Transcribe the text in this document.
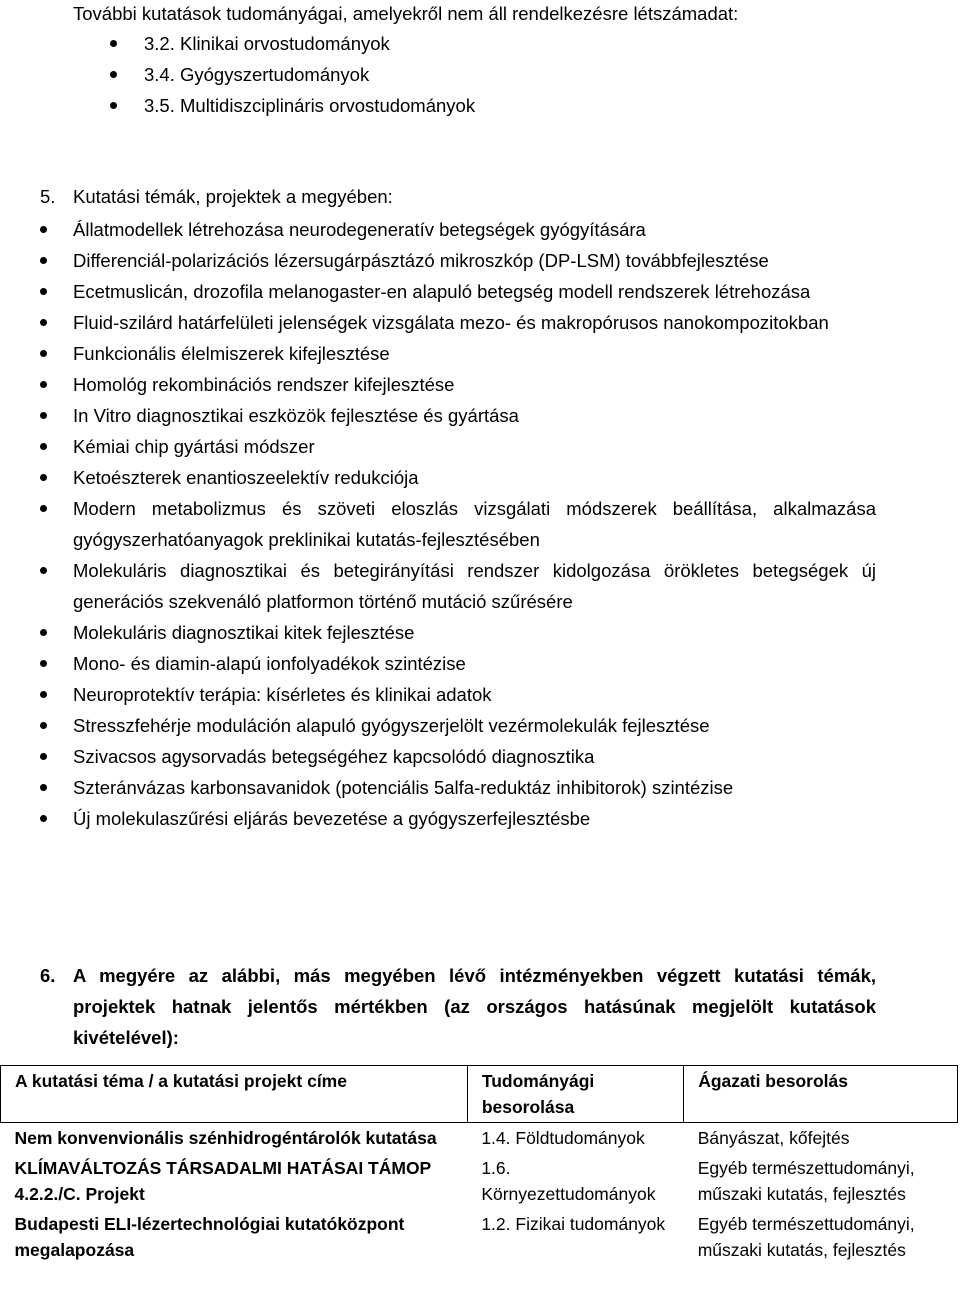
További kutatások tudományágai, amelyekről nem áll rendelkezésre létszámadat:
3.2. Klinikai orvostudományok
3.4. Gyógyszertudományok
3.5. Multidiszciplináris orvostudományok
5. Kutatási témák, projektek a megyében:
Állatmodellek létrehozása neurodegeneratív betegségek gyógyítására
Differenciál-polarizációs lézersugárpásztázó mikroszkóp (DP-LSM) továbbfejlesztése
Ecetmuslicán, drozofila melanogaster-en alapuló betegség modell rendszerek létrehozása
Fluid-szilárd határfelületi jelenségek vizsgálata mezo- és makropórusos nanokompozitokban
Funkcionális élelmiszerek kifejlesztése
Homológ rekombinációs rendszer kifejlesztése
In Vitro diagnosztikai eszközök fejlesztése és gyártása
Kémiai chip gyártási módszer
Ketoészterek enantioszeelektív redukciója
Modern metabolizmus és szöveti eloszlás vizsgálati módszerek beállítása, alkalmazása gyógyszerhatóanyagok preklinikai kutatás-fejlesztésében
Molekuláris diagnosztikai és betegirányítási rendszer kidolgozása örökletes betegségek új generációs szekvenáló platformon történő mutáció szűrésére
Molekuláris diagnosztikai kitek fejlesztése
Mono- és diamin-alapú ionfolyadékok szintézise
Neuroprotektív terápia: kísérletes és klinikai adatok
Stresszfehérje moduláción alapuló gyógyszerjelölt vezérmolekulák fejlesztése
Szivacsos agysorvadás betegségéhez kapcsolódó diagnosztika
Szteránvázas karbonsavanidok (potenciális 5alfa-reduktáz inhibitorok) szintézise
Új molekulaszűrési eljárás bevezetése a gyógyszerfejlesztésbe
6. A megyére az alábbi, más megyében lévő intézményekben végzett kutatási témák, projektek hatnak jelentős mértékben (az országos hatásúnak megjelölt kutatások kivételével):
A kutatási téma / a kutatási projekt címe	Tudományági besorolása	Ágazati besorolás
Nem konvenvionális szénhidrogéntárolók kutatása	1.4. Földtudományok	Bányászat, kőfejtés
KLÍMAVÁLTOZÁS TÁRSADALMI HATÁSAI TÁMOP 4.2.2./C. Projekt	1.6. Környezettudományok	Egyéb természettudományi, műszaki kutatás, fejlesztés
Budapesti ELI-lézertechnológiai kutatóközpont megalapozása	1.2. Fizikai tudományok	Egyéb természettudományi, műszaki kutatás, fejlesztés
